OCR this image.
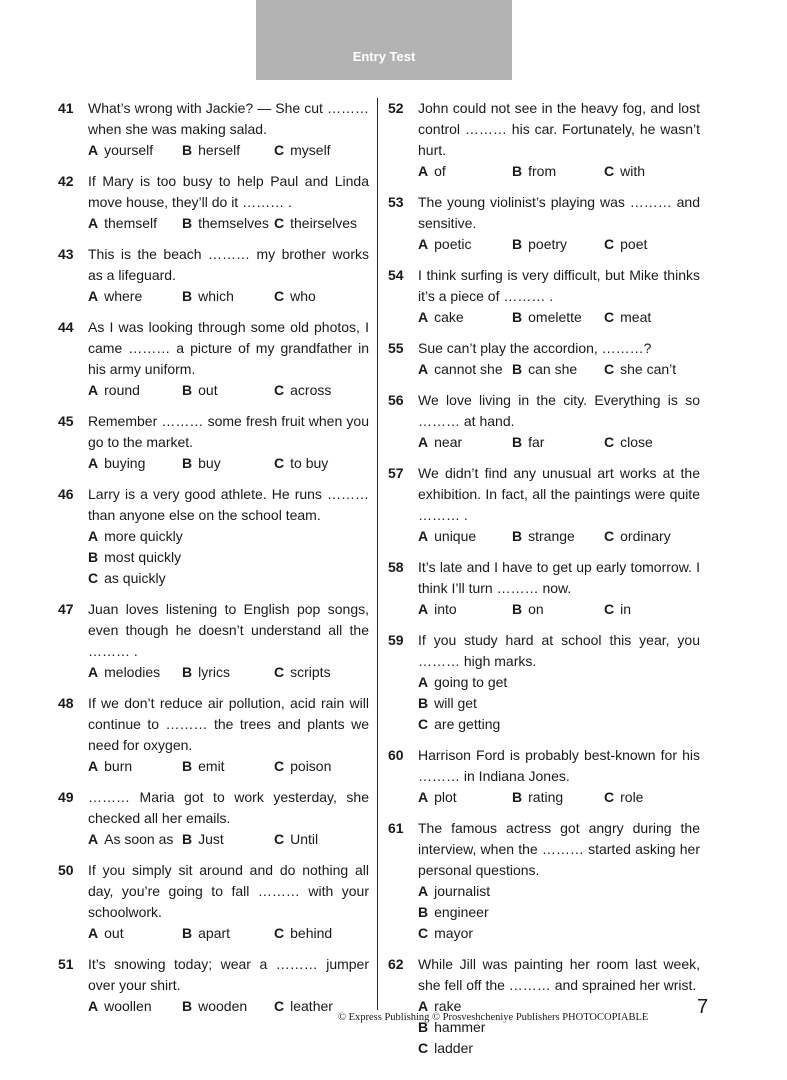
Entry Test
41	What’s wrong with Jackie? — She cut ……… when she was making salad.
A yourself	B herself	C myself
42	If Mary is too busy to help Paul and Linda move house, they’ll do it ……… .
A themself	B themselves C theirselves
43	This is the beach ……… my brother works as a lifeguard.
A where	B which	C who
44	As I was looking through some old photos, I came ……… a picture of my grandfather in his army uniform.
A round	B out	C across
45	Remember ……… some fresh fruit when you go to the market.
A buying	B buy	C to buy
46	Larry is a very good athlete. He runs ……… than anyone else on the school team.
A more quickly
B most quickly
C as quickly
47	Juan loves listening to English pop songs, even though he doesn’t understand all the ……… .
A melodies	B lyrics	C scripts
48	If we don’t reduce air pollution, acid rain will continue to ……… the trees and plants we need for oxygen.
A burn	B emit	C poison
49	……… Maria got to work yesterday, she checked all her emails.
A As soon as B Just	C Until
50	If you simply sit around and do nothing all day, you’re going to fall ……… with your schoolwork.
A out	B apart	C behind
51	It’s snowing today; wear a ……… jumper over your shirt.
A woollen	B wooden	C leather
52	John could not see in the heavy fog, and lost control ……… his car. Fortunately, he wasn’t hurt.
A of	B from	C with
53	The young violinist’s playing was ……… and sensitive.
A poetic	B poetry	C poet
54	I think surfing is very difficult, but Mike thinks it’s a piece of ……… .
A cake	B omelette	C meat
55	Sue can’t play the accordion, ………?
A cannot she B can she	C she can’t
56	We love living in the city. Everything is so ……… at hand.
A near	B far	C close
57	We didn’t find any unusual art works at the exhibition. In fact, all the paintings were quite ……… .
A unique	B strange	C ordinary
58	It’s late and I have to get up early tomorrow. I think I’ll turn ……… now.
A into	B on	C in
59	If you study hard at school this year, you ……… high marks.
A going to get
B will get
C are getting
60	Harrison Ford is probably best-known for his ……… in Indiana Jones.
A plot	B rating	C role
61	The famous actress got angry during the interview, when the ……… started asking her personal questions.
A journalist
B engineer
C mayor
62	While Jill was painting her room last week, she fell off the ……… and sprained her wrist.
A rake
B hammer
C ladder
© Express Publishing © Prosveshcheniye Publishers PHOTOCOPIABLE 7
